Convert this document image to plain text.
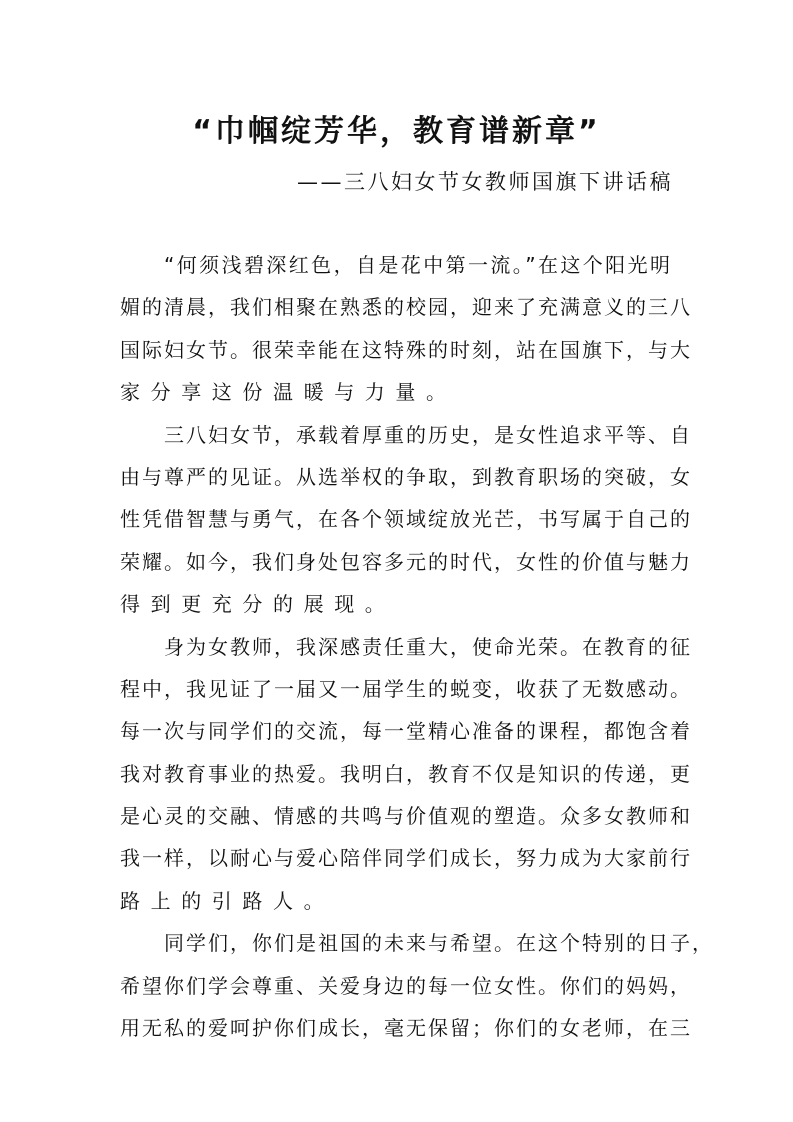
“巾帼绽芳华，教育谱新章”
——三八妇女节女教师国旗下讲话稿
“何须浅碧深红色，自是花中第一流。”在这个阳光明
媚的清晨，我们相聚在熟悉的校园，迎来了充满意义的三八
国际妇女节。很荣幸能在这特殊的时刻，站在国旗下，与大
家分享这份温暖与力量。
三八妇女节，承载着厚重的历史，是女性追求平等、自
由与尊严的见证。从选举权的争取，到教育职场的突破，女
性凭借智慧与勇气，在各个领域绽放光芒，书写属于自己的
荣耀。如今，我们身处包容多元的时代，女性的价值与魅力
得到更充分的展现。
身为女教师，我深感责任重大，使命光荣。在教育的征
程中，我见证了一届又一届学生的蜕变，收获了无数感动。
每一次与同学们的交流，每一堂精心准备的课程，都饱含着
我对教育事业的热爱。我明白，教育不仅是知识的传递，更
是心灵的交融、情感的共鸣与价值观的塑造。众多女教师和
我一样，以耐心与爱心陪伴同学们成长，努力成为大家前行
路上的引路人。
同学们，你们是祖国的未来与希望。在这个特别的日子，
希望你们学会尊重、关爱身边的每一位女性。你们的妈妈，
用无私的爱呵护你们成长，毫无保留；你们的女老师，在三
